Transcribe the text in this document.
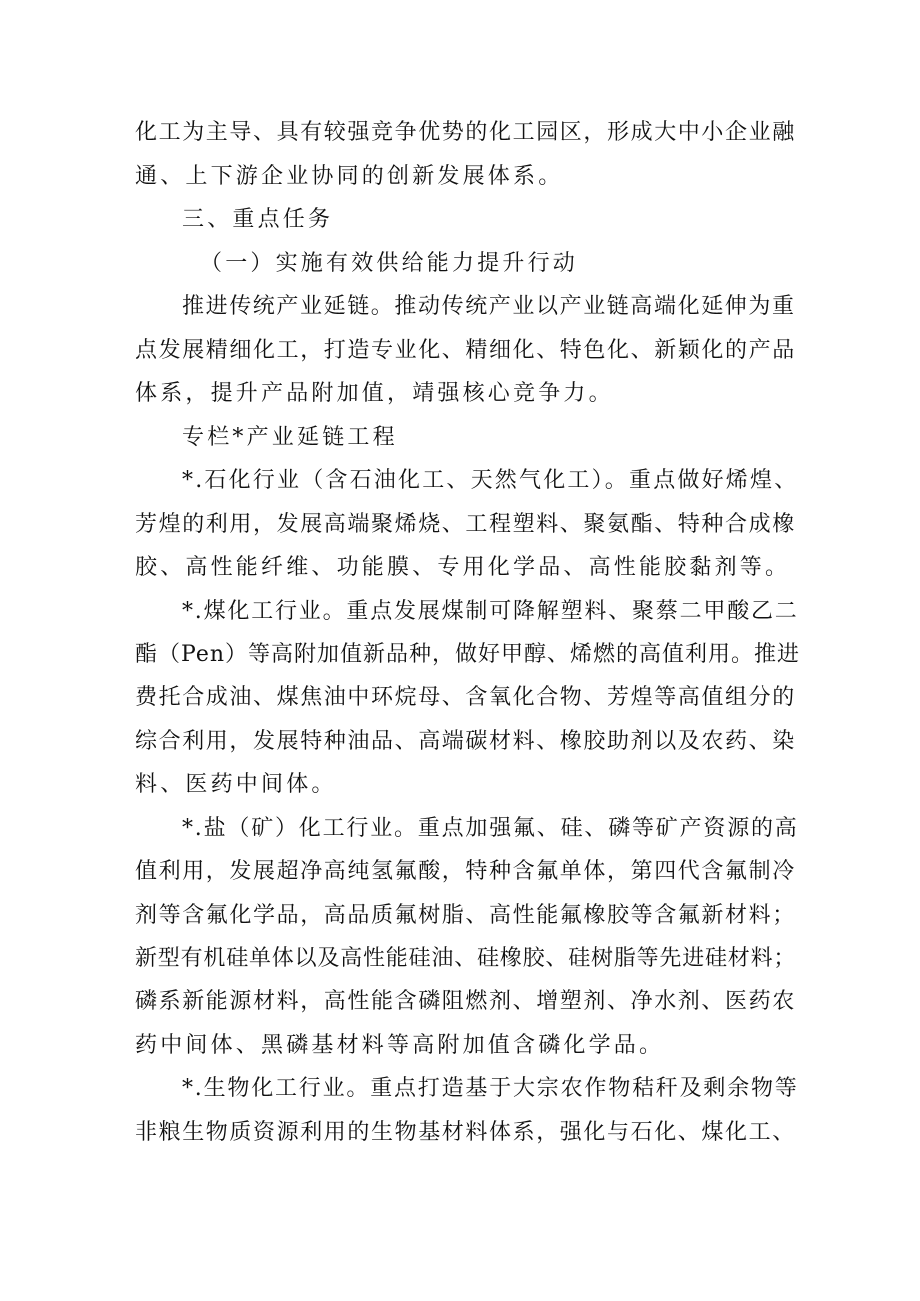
化工为主导、具有较强竞争优势的化工园区，形成大中小企业融
通、上下游企业协同的创新发展体系。
三、重点任务
（一）实施有效供给能力提升行动
推进传统产业延链。推动传统产业以产业链高端化延伸为重
点发展精细化工，打造专业化、精细化、特色化、新颖化的产品
体系，提升产品附加值，靖强核心竞争力。
专栏*产业延链工程
*.石化行业（含石油化工、天然气化工）。重点做好烯煌、
芳煌的利用，发展高端聚烯烧、工程塑料、聚氨酯、特种合成橡
胶、高性能纤维、功能膜、专用化学品、高性能胶黏剂等。
*.煤化工行业。重点发展煤制可降解塑料、聚蔡二甲酸乙二
酯（Pen）等高附加值新品种，做好甲醇、烯燃的高值利用。推进
费托合成油、煤焦油中环烷母、含氧化合物、芳煌等高值组分的
综合利用，发展特种油品、高端碳材料、橡胶助剂以及农药、染
料、医药中间体。
*.盐（矿）化工行业。重点加强氟、硅、磷等矿产资源的高
值利用，发展超净高纯氢氟酸，特种含氟单体，第四代含氟制冷
剂等含氟化学品，高品质氟树脂、高性能氟橡胶等含氟新材料；
新型有机硅单体以及高性能硅油、硅橡胶、硅树脂等先进硅材料；
磷系新能源材料，高性能含磷阻燃剂、增塑剂、净水剂、医药农
药中间体、黑磷基材料等高附加值含磷化学品。
*.生物化工行业。重点打造基于大宗农作物秸秆及剩余物等
非粮生物质资源利用的生物基材料体系，强化与石化、煤化工、
